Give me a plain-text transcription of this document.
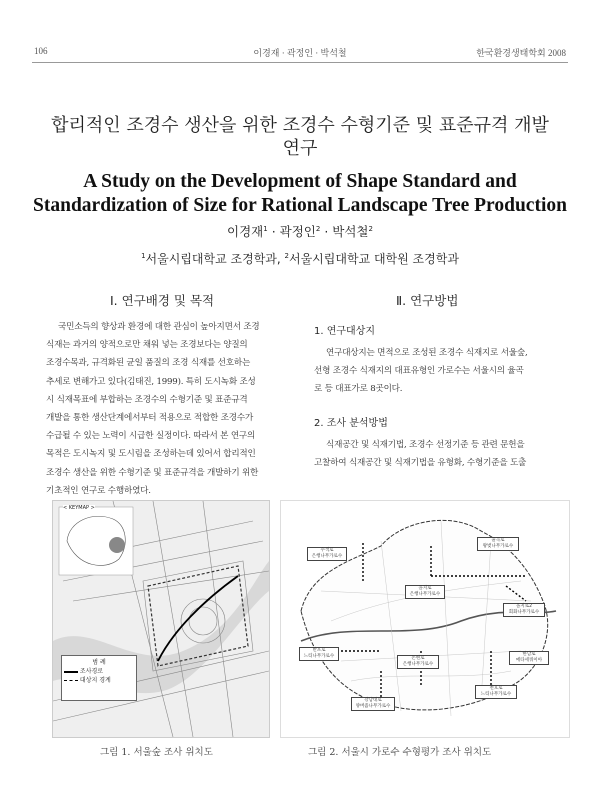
106	이경재 · 곽정인 · 박석철	한국환경생태학회 2008
합리적인 조경수 생산을 위한 조경수 수형기준 및 표준규격 개발
연구
A Study on the Development of Shape Standard and
Standardization of Size for Rational Landscape Tree Production
이경재$^1$ · 곽정인$^2$ · 박석철$^2$
$^1$서울시립대학교 조경학과, $^2$서울시립대학교 대학원 조경학과
Ⅰ. 연구배경 및 목적
국민소득의 향상과 환경에 대한 관심이 높아지면서 조경
식재는 과거의 양적으로만 채워 넣는 조경보다는 양질의
조경수목과, 규격화된 균일 품질의 조경 식재를 선호하는
추세로 변해가고 있다(김태진, 1999). 특히 도시녹화 조성
시 식재목표에 부합하는 조경수의 수형기준 및 표준규격
개발을 통한 생산단계에서부터 적용으로 적합한 조경수가
수급될 수 있는 노력이 시급한 실정이다. 따라서 본 연구의
목적은 도시녹지 및 도시림을 조성하는데 있어서 합리적인
조경수 생산을 위한 수형기준 및 표준규격을 개발하기 위한
기초적인 연구로 수행하였다.
Ⅱ. 연구방법
1. 연구대상지
연구대상지는 면적으로 조성된 조경수 식재지로 서울숲,
선형 조경수 식재지의 대표유형인 가로수는 서울시의 율곡
로 등 대표가로 8곳이다.
2. 조사 분석방법
식재공간 및 식재기법, 조경수 선정기준 등 관련 문헌을
고찰하여 식재공간 및 식재기법을 유형화, 수형기준을 도출
< KEYMAP >
범 례
조사경로
대상지 경계
그림 1. 서울숲 조사 위치도
수색로
은행나무가로수
율곡로
왕벚나무가로수
을지로
은행나무가로수
을지로2
회화나무가로수
반포로
느티나무가로수	한남로
메타세쿼이아
논현로
은행나무가로수
강남대로
양버즘나무가로수
천호로
느티나무가로수
그림 2. 서울시 가로수 수형평가 조사 위치도
